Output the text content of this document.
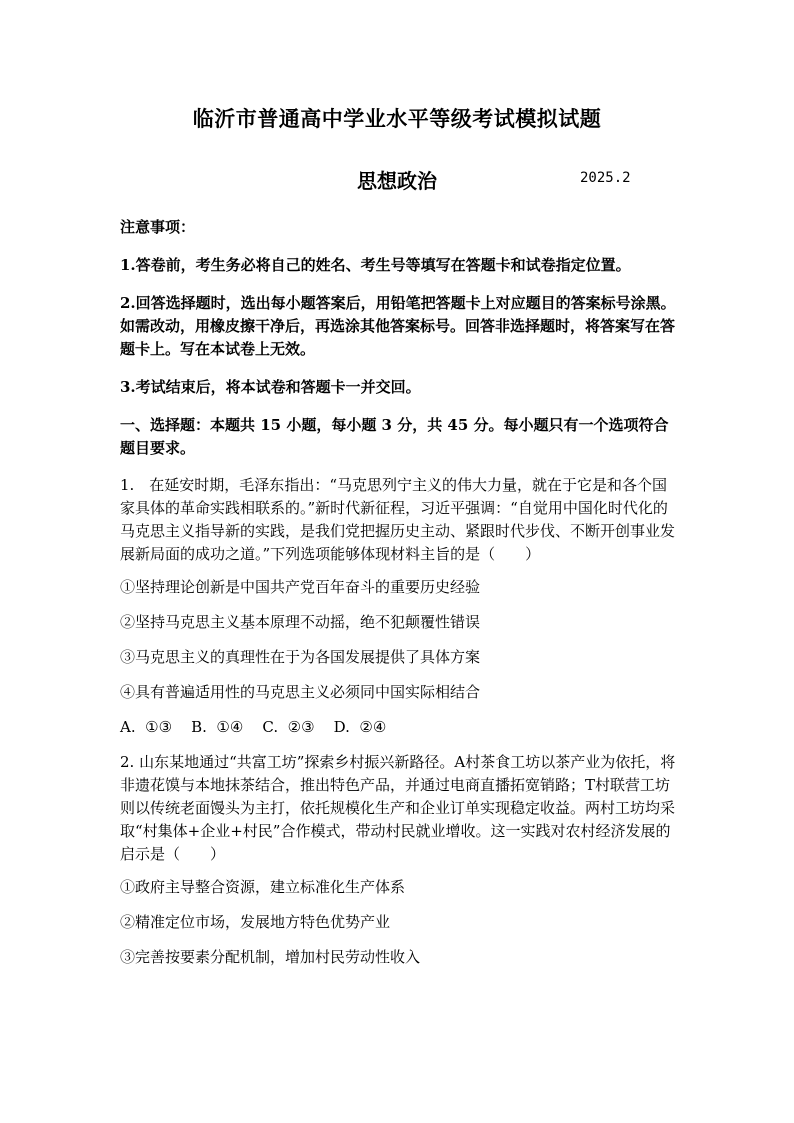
临沂市普通高中学业水平等级考试模拟试题
思想政治	2025.2

注意事项：

1.答卷前，考生务必将自己的姓名、考生号等填写在答题卡和试卷指定位置。

2.回答选择题时，选出每小题答案后，用铅笔把答题卡上对应题目的答案标号涂黑。如需改动，用橡皮擦干净后，再选涂其他答案标号。回答非选择题时，将答案写在答题卡上。写在本试卷上无效。

3.考试结束后，将本试卷和答题卡一并交回。

一、选择题：本题共 15 小题，每小题 3 分，共 45 分。每小题只有一个选项符合题目要求。

1.　在延安时期，毛泽东指出：“马克思列宁主义的伟大力量，就在于它是和各个国家具体的革命实践相联系的。”新时代新征程，习近平强调：“自觉用中国化时代化的马克思主义指导新的实践，是我们党把握历史主动、紧跟时代步伐、不断开创事业发展新局面的成功之道。”下列选项能够体现材料主旨的是（　　）

①坚持理论创新是中国共产党百年奋斗的重要历史经验

②坚持马克思主义基本原理不动摇，绝不犯颠覆性错误

③马克思主义的真理性在于为各国发展提供了具体方案

④具有普遍适用性的马克思主义必须同中国实际相结合

A.  ①③    B.  ①④    C.  ②③    D.  ②④

2. 山东某地通过“共富工坊”探索乡村振兴新路径。A村茶食工坊以茶产业为依托，将非遗花馍与本地抹茶结合，推出特色产品，并通过电商直播拓宽销路；T村联营工坊则以传统老面馒头为主打，依托规模化生产和企业订单实现稳定收益。两村工坊均采取“村集体+企业+村民”合作模式，带动村民就业增收。这一实践对农村经济发展的启示是（　　）

①政府主导整合资源，建立标准化生产体系

②精准定位市场，发展地方特色优势产业

③完善按要素分配机制，增加村民劳动性收入
